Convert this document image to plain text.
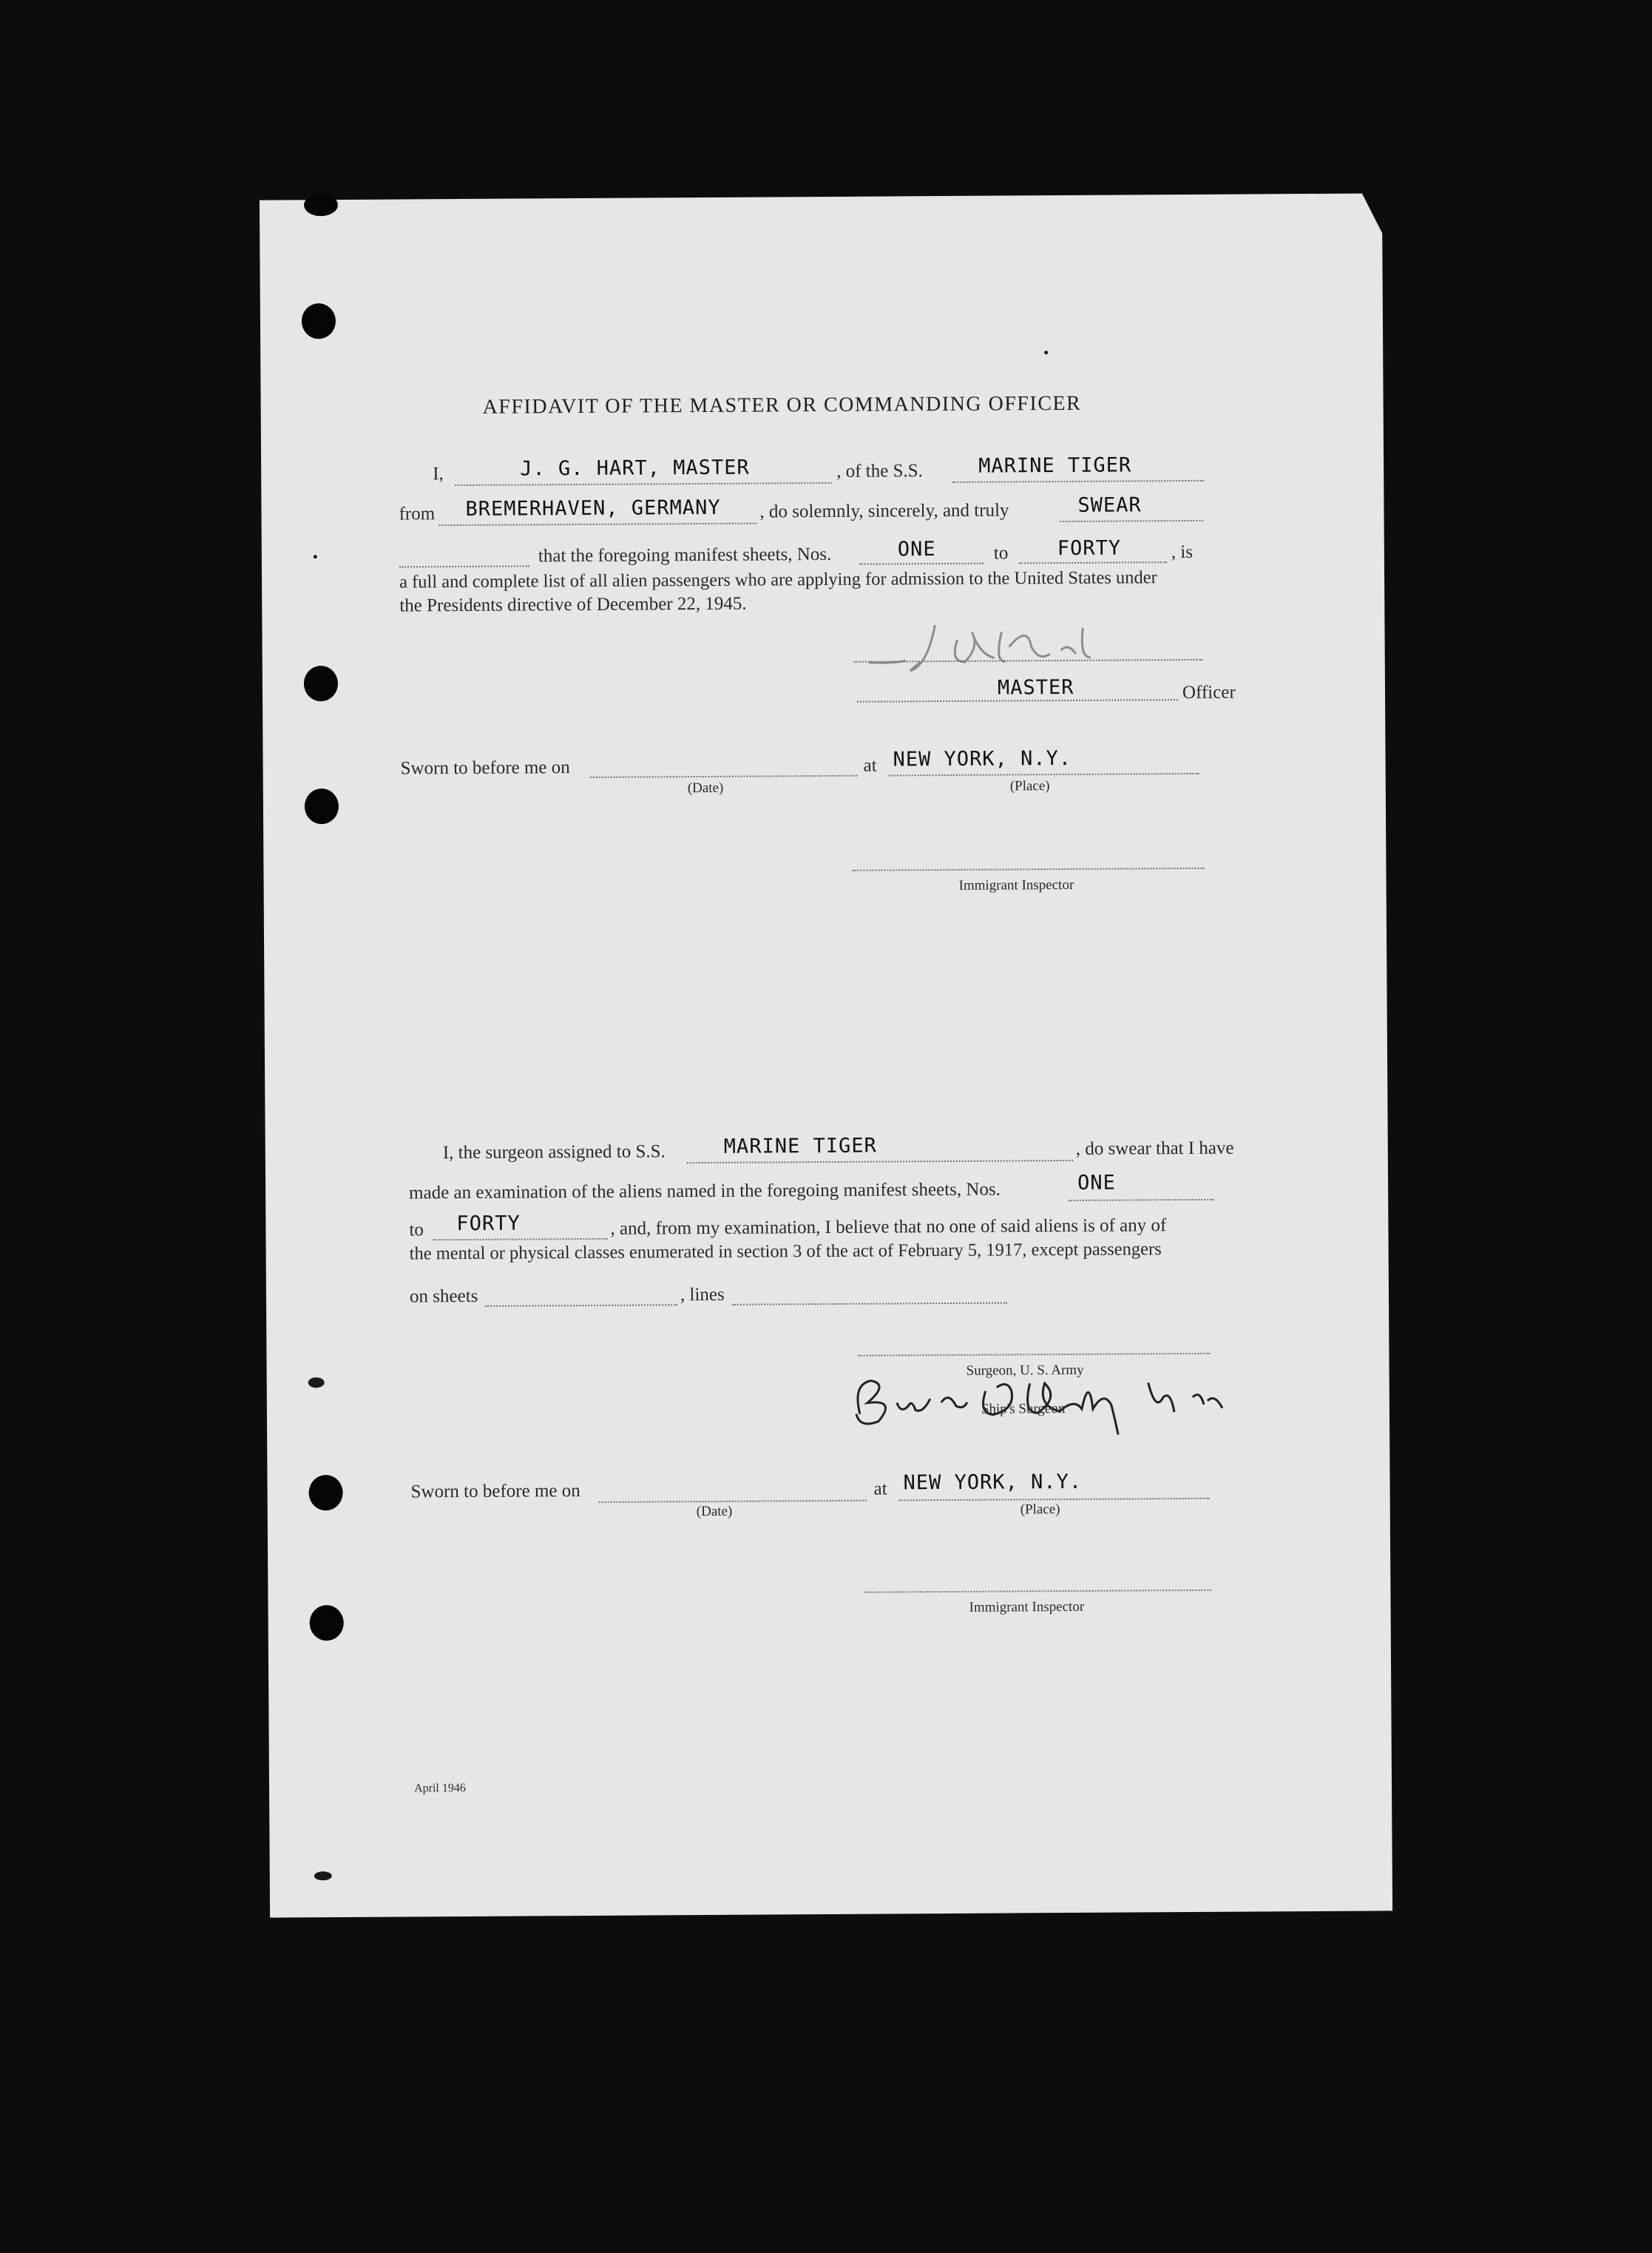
AFFIDAVIT OF THE MASTER OR COMMANDING OFFICER
I,	J. G. HART, MASTER	, of the S.S.	MARINE TIGER
from BREMERHAVEN, GERMANY , do solemnly, sincerely, and truly	SWEAR
that the foregoing manifest sheets, Nos.	ONE	to FORTY	, is
a full and complete list of all alien passengers who are applying for admission to the United States under
the Presidents directive of December 22, 1945.
MASTER	Officer
Sworn to before me on
(Date)
at NEW YORK, N.Y.
(Place)
Immigrant Inspector
I, the surgeon assigned to S.S.	MARINE TIGER	, do swear that I have
made an examination of the aliens named in the foregoing manifest sheets, Nos.	ONE
to FORTY	, and, from my examination, I believe that no one of said aliens is of any of
the mental or physical classes enumerated in section 3 of the act of February 5, 1917, except passengers
on sheets	, lines
Surgeon, U. S. Army
Ship's Surgeon
Sworn to before me on
(Date)
at NEW YORK, N.Y.
(Place)
Immigrant Inspector
April 1946
